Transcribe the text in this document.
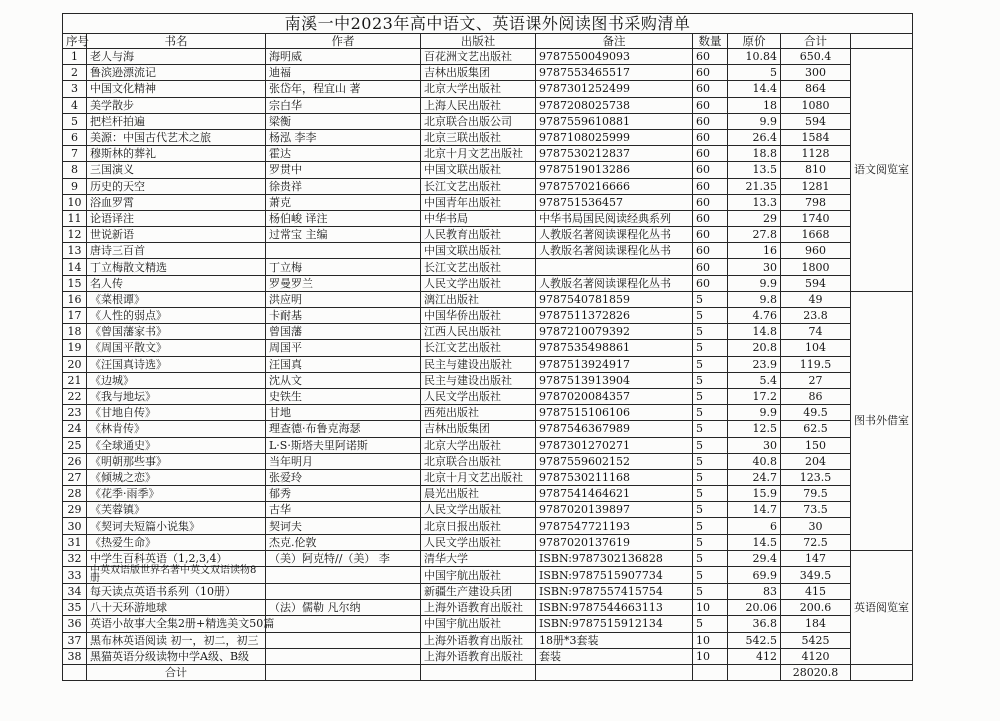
南溪一中2023年高中语文、英语课外阅读图书采购清单								
序号	书名	作者	出版社	备注	数量	原价	合计	
1	老人与海	海明威	百花洲文艺出版社	9787550049093	60	10.84	650.4	语文阅览室
2	鲁滨逊漂流记	迪福	吉林出版集团	9787553465517	60	5	300	
3	中国文化精神	张岱年，程宜山 著	北京大学出版社	9787301252499	60	14.4	864	
4	美学散步	宗白华	上海人民出版社	9787208025738	60	18	1080	
5	把栏杆拍遍	梁衡	北京联合出版公司	9787559610881	60	9.9	594	
6	美源：中国古代艺术之旅	杨泓 李李	北京三联出版社	9787108025999	60	26.4	1584	
7	穆斯林的葬礼	霍达	北京十月文艺出版社	9787530212837	60	18.8	1128	
8	三国演义	罗贯中	中国文联出版社	9787519013286	60	13.5	810	
9	历史的天空	徐贵祥	长江文艺出版社	9787570216666	60	21.35	1281	
10	浴血罗霄	萧克	中国青年出版社	978751536457	60	13.3	798	
11	论语译注	杨伯峻 译注	中华书局	中华书局国民阅读经典系列	60	29	1740	
12	世说新语	过常宝 主编	人民教育出版社	人教版名著阅读课程化丛书	60	27.8	1668	
13	唐诗三百首		中国文联出版社	人教版名著阅读课程化丛书	60	16	960	
14	丁立梅散文精选	丁立梅	长江文艺出版社		60	30	1800	
15	名人传	罗曼罗兰	人民文学出版社	人教版名著阅读课程化丛书	60	9.9	594	
16	《菜根谭》	洪应明	漓江出版社	9787540781859	5	9.8	49	图书外借室
17	《人性的弱点》	卡耐基	中国华侨出版社	9787511372826	5	4.76	23.8	
18	《曾国藩家书》	曾国藩	江西人民出版社	9787210079392	5	14.8	74	
19	《周国平散文》	周国平	长江文艺出版社	9787535498861	5	20.8	104	
20	《汪国真诗选》	汪国真	民主与建设出版社	9787513924917	5	23.9	119.5	
21	《边城》	沈从文	民主与建设出版社	9787513913904	5	5.4	27	
22	《我与地坛》	史铁生	人民文学出版社	9787020084357	5	17.2	86	
23	《甘地自传》	甘地	西苑出版社	9787515106106	5	9.9	49.5	
24	《林肯传》	理查德·布鲁克海瑟	吉林出版集团	9787546367989	5	12.5	62.5	
25	《全球通史》	L·S·斯塔夫里阿诺斯	北京大学出版社	9787301270271	5	30	150	
26	《明朝那些事》	当年明月	北京联合出版社	9787559602152	5	40.8	204	
27	《倾城之恋》	张爱玲	北京十月文艺出版社	9787530211168	5	24.7	123.5	
28	《花季·雨季》	郁秀	晨光出版社	9787541464621	5	15.9	79.5	
29	《芙蓉镇》	古华	人民文学出版社	9787020139897	5	14.7	73.5	
30	《契诃夫短篇小说集》	契诃夫	北京日报出版社	9787547721193	5	6	30	
31	《热爱生命》	杰克.伦敦	人民文学出版社	9787020137619	5	14.5	72.5	
32	中学生百科英语（1,2,3,4）	（美）阿克特//（美） 李	清华大学	ISBN:9787302136828	5	29.4	147	英语阅览室
33	中英双语版世界名著中英文双语读物8册		中国宇航出版社	ISBN:9787515907734	5	69.9	349.5	
34	每天读点英语书系列（10册）		新疆生产建设兵团	ISBN:9787557415754	5	83	415	
35	八十天环游地球	（法）儒勒 凡尔纳	上海外语教育出版社	ISBN:9787544663113	10	20.06	200.6	
36	英语小故事大全集2册+精选美文50篇		中国宇航出版社	ISBN:9787515912134	5	36.8	184	
37	黑布林英语阅读 初一，初二，初三		上海外语教育出版社	18册*3套装	10	542.5	5425	
38	黑猫英语分级读物中学A级、B级		上海外语教育出版社	套装	10	412	4120	
	合计						28020.8	
